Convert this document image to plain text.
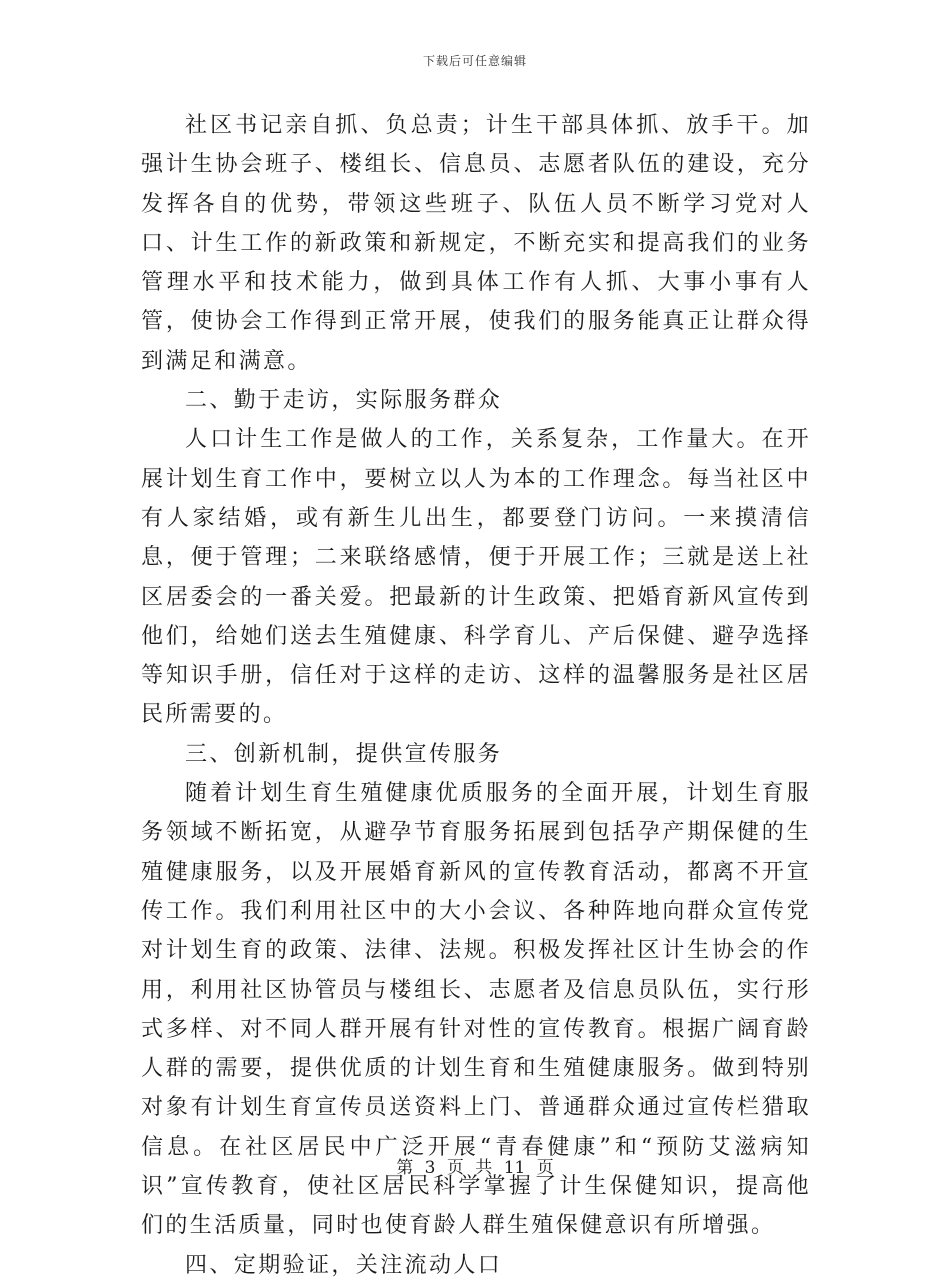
下载后可任意编辑

社区书记亲自抓、负总责；计生干部具体抓、放手干。加强计生协会班子、楼组长、信息员、志愿者队伍的建设，充分发挥各自的优势，带领这些班子、队伍人员不断学习党对人口、计生工作的新政策和新规定，不断充实和提高我们的业务管理水平和技术能力，做到具体工作有人抓、大事小事有人管，使协会工作得到正常开展，使我们的服务能真正让群众得到满足和满意。

二、勤于走访，实际服务群众

人口计生工作是做人的工作，关系复杂，工作量大。在开展计划生育工作中，要树立以人为本的工作理念。每当社区中有人家结婚，或有新生儿出生，都要登门访问。一来摸清信息，便于管理；二来联络感情，便于开展工作；三就是送上社区居委会的一番关爱。把最新的计生政策、把婚育新风宣传到他们，给她们送去生殖健康、科学育儿、产后保健、避孕选择等知识手册，信任对于这样的走访、这样的温馨服务是社区居民所需要的。

三、创新机制，提供宣传服务

随着计划生育生殖健康优质服务的全面开展，计划生育服务领域不断拓宽，从避孕节育服务拓展到包括孕产期保健的生殖健康服务，以及开展婚育新风的宣传教育活动，都离不开宣传工作。我们利用社区中的大小会议、各种阵地向群众宣传党对计划生育的政策、法律、法规。积极发挥社区计生协会的作用，利用社区协管员与楼组长、志愿者及信息员队伍，实行形式多样、对不同人群开展有针对性的宣传教育。根据广阔育龄人群的需要，提供优质的计划生育和生殖健康服务。做到特别对象有计划生育宣传员送资料上门、普通群众通过宣传栏猎取信息。在社区居民中广泛开展“青春健康”和“预防艾滋病知识”宣传教育，使社区居民科学掌握了计生保健知识，提高他们的生活质量，同时也使育龄人群生殖保健意识有所增强。

四、定期验证，关注流动人口

第 3 页 共 11 页
